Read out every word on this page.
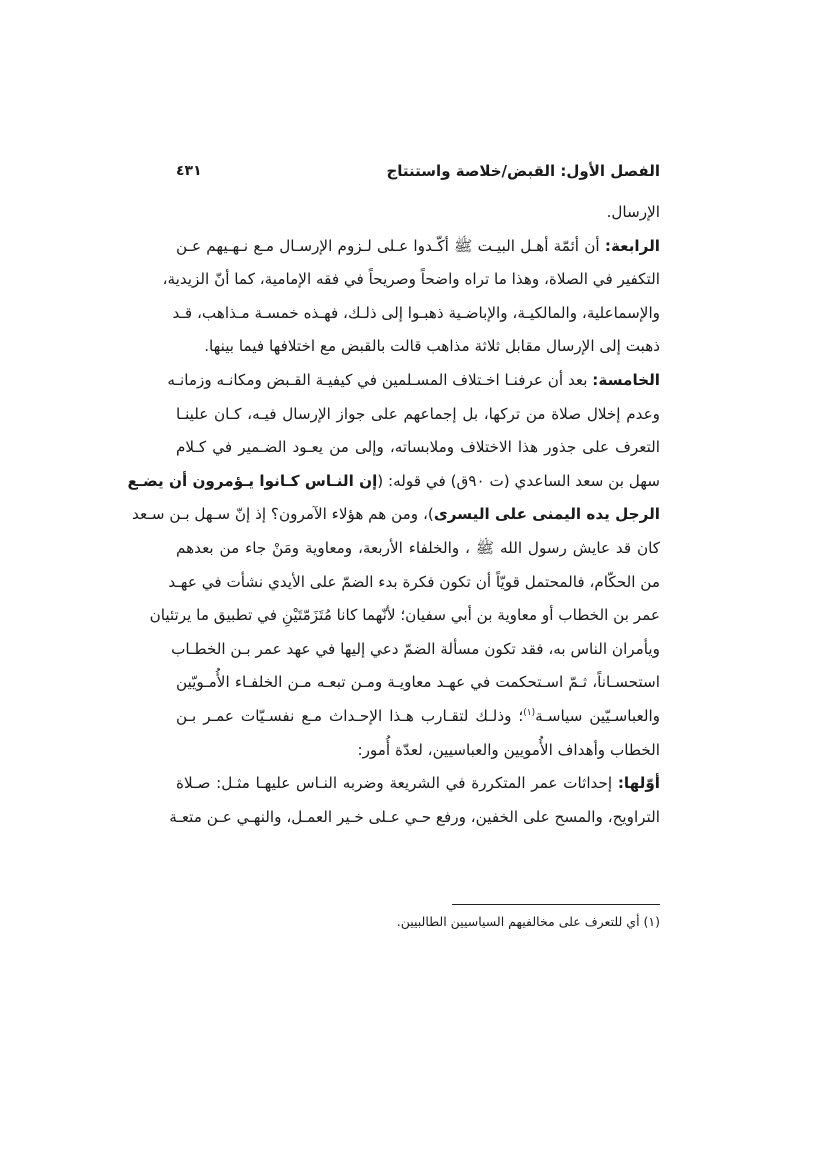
الفصل الأول: القبض/خلاصة واستنتاج
٤٣١
الإرسال.
الرابعة: أن أئمّة أهـل البيـت ﷺ أكّـدوا عـلى لـزوم الإرسـال مـع نـهـيهم عـن
التكفير في الصلاة، وهذا ما تراه واضحاً وصريحاً في فقه الإمامية، كما أنّ الزيدية،
والإسماعلية، والمالكيـة، والإباضـية ذهبـوا إلى ذلـك، فهـذه خمسـة مـذاهب، قـد
ذهبت إلى الإرسال مقابل ثلاثة مذاهب قالت بالقبض مع اختلافها فيما بينها.
الخامسة: بعد أن عرفنـا اخـتلاف المسـلمين في كيفيـة القـبض ومكانـه وزمانـه
وعدم إخلال صلاة من تركها، بل إجماعهم على جواز الإرسال فيـه، كـان علينـا
التعرف على جذور هذا الاختلاف وملابساته، وإلى من يعـود الضـمير في كـلام
سهل بن سعد الساعدي (ت ٩٠ق) في قوله: (إن النـاس كـانوا يـؤمرون أن يضـع
الرجل يده اليمنى على اليسرى)، ومن هم هؤلاء الآمرون؟ إذ إنّ سـهل بـن سـعد
كان قد عايش رسول الله ﷺ ، والخلفاء الأربعة، ومعاوية ومَنْ جاء من بعدهم
من الحكّام، فالمحتمل قويّاً أن تكون فكرة بدء الضمّ على الأيدي نشأت في عهـد
عمر بن الخطاب أو معاوية بن أبي سفيان؛ لأنّهما كانا مُتَزَمّتَيْنِ في تطبيق ما يرتئيان
ويأمران الناس به، فقد تكون مسألة الضمّ دعي إليها في عهد عمر بـن الخطـاب
استحسـاناً، ثـمّ اسـتحكمت في عهـد معاويـة ومـن تبعـه مـن الخلفـاء الأُمـويّين
والعباسـيّين سياسـة$^{(١)}$؛ وذلـك لتقـارب هـذا الإحـداث مـع نفسـيّات عمـر بـن
الخطاب وأهداف الأُمويين والعباسيين، لعدّة أُمور:
أوّلها: إحداثات عمر المتكررة في الشريعة وضربه النـاس عليهـا مثـل: صـلاة
التراويح، والمسح على الخفين، ورفع حـي عـلى خـير العمـل، والنهـي عـن متعـة
(١) أي للتعرف على مخالفيهم السياسيين الطالبيين.
